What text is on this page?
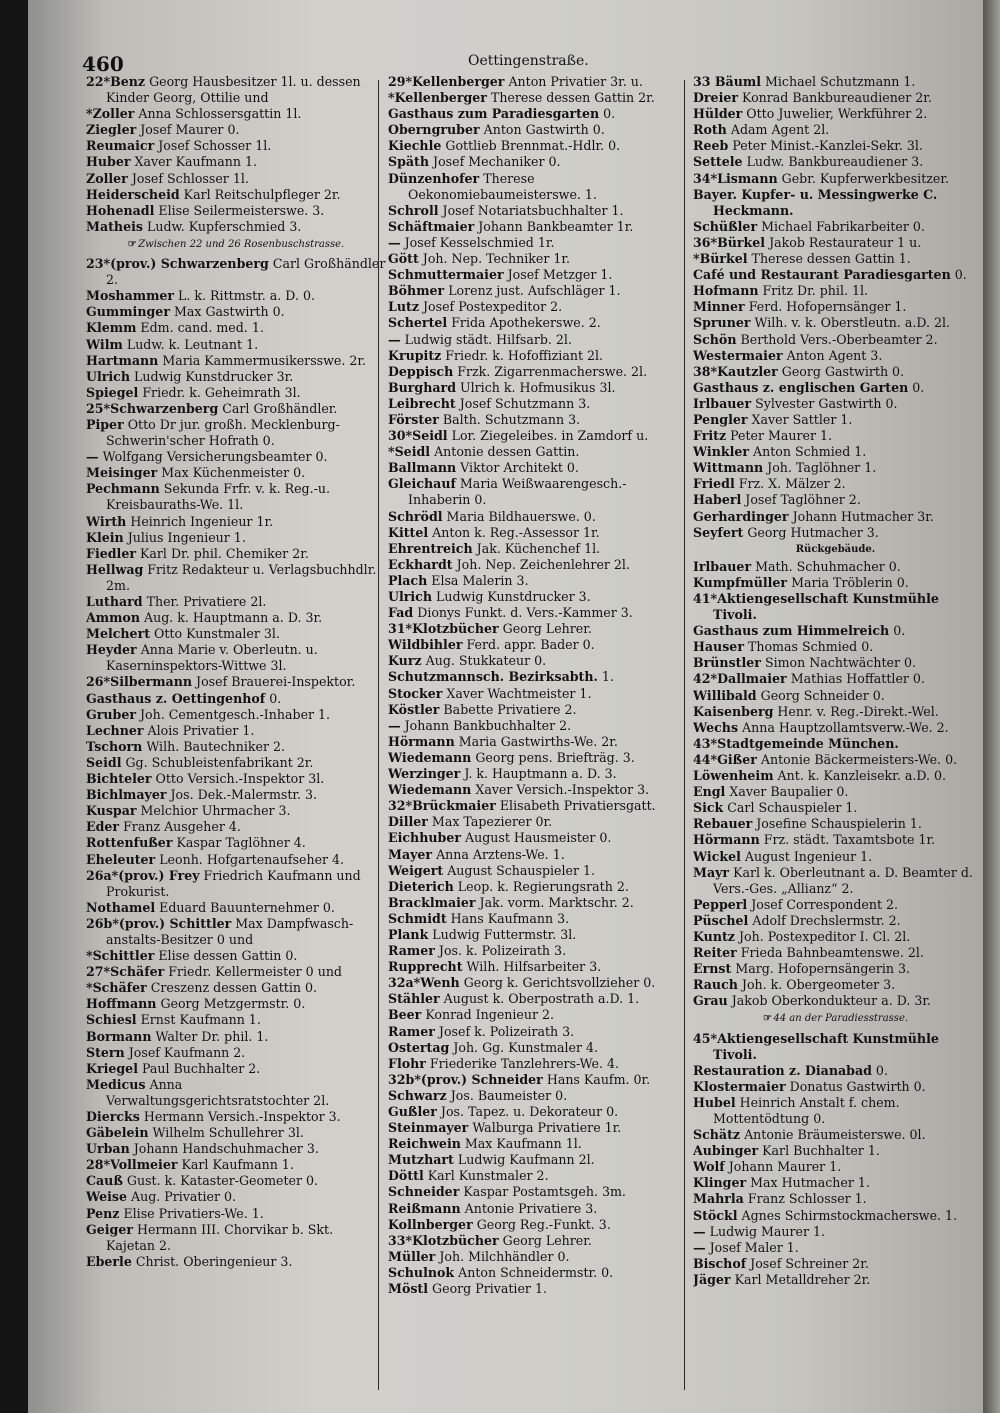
460	Oettingenstraße.
22*Benz Georg Hausbesitzer 1l. u. dessen Kinder Georg, Ottilie und
*Zoller Anna Schlossersgattin 1l.
Ziegler Josef Maurer 0.
Reumaicr Josef Schosser 1l.
Huber Xaver Kaufmann 1.
Zoller Josef Schlosser 1l.
Heiderscheid Karl Reitschulpfleger 2r.
Hohenadl Elise Seilermeisterswe. 3.
Matheis Ludw. Kupferschmied 3.
☞ Zwischen 22 und 26 Rosenbuschstrasse.
23*(prov.) Schwarzenberg Carl Großhändler 2.
Moshammer L. k. Rittmstr. a. D. 0.
Gumminger Max Gastwirth 0.
Klemm Edm. cand. med. 1.
Wilm Ludw. k. Leutnant 1.
Hartmann Maria Kammermusikersswe. 2r.
Ulrich Ludwig Kunstdrucker 3r.
Spiegel Friedr. k. Geheimrath 3l.
25*Schwarzenberg Carl Großhändler.
Piper Otto Dr jur. großh. Mecklenburg-Schwerin'scher Hofrath 0.
— Wolfgang Versicherungsbeamter 0.
Meisinger Max Küchenmeister 0.
Pechmann Sekunda Frfr. v. k. Reg.-u. Kreisbauraths-We. 1l.
Wirth Heinrich Ingenieur 1r.
Klein Julius Ingenieur 1.
Fiedler Karl Dr. phil. Chemiker 2r.
Hellwag Fritz Redakteur u. Verlagsbuchhdlr. 2m.
Luthard Ther. Privatiere 2l.
Ammon Aug. k. Hauptmann a. D. 3r.
Melchert Otto Kunstmaler 3l.
Heyder Anna Marie v. Oberleutn. u. Kaserninspektors-Wittwe 3l.
26*Silbermann Josef Brauerei-Inspektor.
Gasthaus z. Oettingenhof 0.
Gruber Joh. Cementgesch.-Inhaber 1.
Lechner Alois Privatier 1.
Tschorn Wilh. Bautechniker 2.
Seidl Gg. Schubleistenfabrikant 2r.
Bichteler Otto Versich.-Inspektor 3l.
Bichlmayer Jos. Dek.-Malermstr. 3.
Kuspar Melchior Uhrmacher 3.
Eder Franz Ausgeher 4.
Rottenfußer Kaspar Taglöhner 4.
Eheleuter Leonh. Hofgartenaufseher 4.
26a*(prov.) Frey Friedrich Kaufmann und Prokurist.
Nothamel Eduard Bauunternehmer 0.
26b*(prov.) Schittler Max Dampfwasch-anstalts-Besitzer 0 und
*Schittler Elise dessen Gattin 0.
27*Schäfer Friedr. Kellermeister 0 und
*Schäfer Creszenz dessen Gattin 0.
Hoffmann Georg Metzgermstr. 0.
Schiesl Ernst Kaufmann 1.
Bormann Walter Dr. phil. 1.
Stern Josef Kaufmann 2.
Kriegel Paul Buchhalter 2.
Medicus Anna Verwaltungsgerichtsratstochter 2l.
Diercks Hermann Versich.-Inspektor 3.
Gäbelein Wilhelm Schullehrer 3l.
Urban Johann Handschuhmacher 3.
28*Vollmeier Karl Kaufmann 1.
Cauß Gust. k. Kataster-Geometer 0.
Weise Aug. Privatier 0.
Penz Elise Privatiers-We. 1.
Geiger Hermann III. Chorvikar b. Skt. Kajetan 2.
Eberle Christ. Oberingenieur 3.
29*Kellenberger Anton Privatier 3r. u.
*Kellenberger Therese dessen Gattin 2r.
Gasthaus zum Paradiesgarten 0.
Oberngruber Anton Gastwirth 0.
Kiechle Gottlieb Brennmat.-Hdlr. 0.
Späth Josef Mechaniker 0.
Dünzenhofer Therese Oekonomiebaumeisterswe. 1.
Schroll Josef Notariatsbuchhalter 1.
Schäftmaier Johann Bankbeamter 1r.
— Josef Kesselschmied 1r.
Gött Joh. Nep. Techniker 1r.
Schmuttermaier Josef Metzger 1.
Böhmer Lorenz just. Aufschläger 1.
Lutz Josef Postexpeditor 2.
Schertel Frida Apothekerswe. 2.
— Ludwig städt. Hilfsarb. 2l.
Krupitz Friedr. k. Hofoffiziant 2l.
Deppisch Frzk. Zigarrenmacherswe. 2l.
Burghard Ulrich k. Hofmusikus 3l.
Leibrecht Josef Schutzmann 3.
Förster Balth. Schutzmann 3.
30*Seidl Lor. Ziegeleibes. in Zamdorf u.
*Seidl Antonie dessen Gattin.
Ballmann Viktor Architekt 0.
Gleichauf Maria Weißwaarengesch.-Inhaberin 0.
Schrödl Maria Bildhauerswe. 0.
Kittel Anton k. Reg.-Assessor 1r.
Ehrentreich Jak. Küchenchef 1l.
Eckhardt Joh. Nep. Zeichenlehrer 2l.
Plach Elsa Malerin 3.
Ulrich Ludwig Kunstdrucker 3.
Fad Dionys Funkt. d. Vers.-Kammer 3.
31*Klotzbücher Georg Lehrer.
Wildbihler Ferd. appr. Bader 0.
Kurz Aug. Stukkateur 0.
Schutzmannsch. Bezirksabth. 1.
Stocker Xaver Wachtmeister 1.
Köstler Babette Privatiere 2.
— Johann Bankbuchhalter 2.
Hörmann Maria Gastwirths-We. 2r.
Wiedemann Georg pens. Briefträg. 3.
Werzinger J. k. Hauptmann a. D. 3.
Wiedemann Xaver Versich.-Inspektor 3.
32*Brückmaier Elisabeth Privatiersgatt.
Diller Max Tapezierer 0r.
Eichhuber August Hausmeister 0.
Mayer Anna Arztens-We. 1.
Weigert August Schauspieler 1.
Dieterich Leop. k. Regierungsrath 2.
Bracklmaier Jak. vorm. Marktschr. 2.
Schmidt Hans Kaufmann 3.
Plank Ludwig Futtermstr. 3l.
Ramer Jos. k. Polizeirath 3.
Rupprecht Wilh. Hilfsarbeiter 3.
32a*Wenh Georg k. Gerichtsvollzieher 0.
Stähler August k. Oberpostrath a.D. 1.
Beer Konrad Ingenieur 2.
Ramer Josef k. Polizeirath 3.
Ostertag Joh. Gg. Kunstmaler 4.
Flohr Friederike Tanzlehrers-We. 4.
32b*(prov.) Schneider Hans Kaufm. 0r.
Schwarz Jos. Baumeister 0.
Gußler Jos. Tapez. u. Dekorateur 0.
Steinmayer Walburga Privatiere 1r.
Reichwein Max Kaufmann 1l.
Mutzhart Ludwig Kaufmann 2l.
Döttl Karl Kunstmaler 2.
Schneider Kaspar Postamtsgeh. 3m.
Reißmann Antonie Privatiere 3.
Kollnberger Georg Reg.-Funkt. 3.
33*Klotzbücher Georg Lehrer.
Müller Joh. Milchhändler 0.
Schulnok Anton Schneidermstr. 0.
Möstl Georg Privatier 1.
33 Bäuml Michael Schutzmann 1.
Dreier Konrad Bankbureaudiener 2r.
Hülder Otto Juwelier, Werkführer 2.
Roth Adam Agent 2l.
Reeb Peter Minist.-Kanzlei-Sekr. 3l.
Settele Ludw. Bankbureaudiener 3.
34*Lismann Gebr. Kupferwerkbesitzer.
Bayer. Kupfer- u. Messingwerke C. Heckmann.
Schüßler Michael Fabrikarbeiter 0.
36*Bürkel Jakob Restaurateur 1 u.
*Bürkel Therese dessen Gattin 1.
Café und Restaurant Paradiesgarten 0.
Hofmann Fritz Dr. phil. 1l.
Minner Ferd. Hofopernsänger 1.
Spruner Wilh. v. k. Oberstleutn. a.D. 2l.
Schön Berthold Vers.-Oberbeamter 2.
Westermaier Anton Agent 3.
38*Kautzler Georg Gastwirth 0.
Gasthaus z. englischen Garten 0.
Irlbauer Sylvester Gastwirth 0.
Pengler Xaver Sattler 1.
Fritz Peter Maurer 1.
Winkler Anton Schmied 1.
Wittmann Joh. Taglöhner 1.
Friedl Frz. X. Mälzer 2.
Haberl Josef Taglöhner 2.
Gerhardinger Johann Hutmacher 3r.
Seyfert Georg Hutmacher 3.
Rückgebäude.
Irlbauer Math. Schuhmacher 0.
Kumpfmüller Maria Tröblerin 0.
41*Aktiengesellschaft Kunstmühle Tivoli.
Gasthaus zum Himmelreich 0.
Hauser Thomas Schmied 0.
Brünstler Simon Nachtwächter 0.
42*Dallmaier Mathias Hoffattler 0.
Willibald Georg Schneider 0.
Kaisenberg Henr. v. Reg.-Direkt.-Wel.
Wechs Anna Hauptzollamtsverw.-We. 2.
43*Stadtgemeinde München.
44*Gißer Antonie Bäckermeisters-We. 0.
Löwenheim Ant. k. Kanzleisekr. a.D. 0.
Engl Xaver Baupalier 0.
Sick Carl Schauspieler 1.
Rebauer Josefine Schauspielerin 1.
Hörmann Frz. städt. Taxamtsbote 1r.
Wickel August Ingenieur 1.
Mayr Karl k. Oberleutnant a. D. Beamter d. Vers.-Ges. „Allianz“ 2.
Pepperl Josef Correspondent 2.
Püschel Adolf Drechslermstr. 2.
Kuntz Joh. Postexpeditor I. Cl. 2l.
Reiter Frieda Bahnbeamtenswe. 2l.
Ernst Marg. Hofopernsängerin 3.
Rauch Joh. k. Obergeometer 3.
Grau Jakob Oberkondukteur a. D. 3r.
☞ 44 an der Paradiesstrasse.
45*Aktiengesellschaft Kunstmühle Tivoli.
Restauration z. Dianabad 0.
Klostermaier Donatus Gastwirth 0.
Hubel Heinrich Anstalt f. chem. Mottentödtung 0.
Schätz Antonie Bräumeisterswe. 0l.
Aubinger Karl Buchhalter 1.
Wolf Johann Maurer 1.
Klinger Max Hutmacher 1.
Mahrla Franz Schlosser 1.
Stöckl Agnes Schirmstockmacherswe. 1.
— Ludwig Maurer 1.
— Josef Maler 1.
Bischof Josef Schreiner 2r.
Jäger Karl Metalldreher 2r.
